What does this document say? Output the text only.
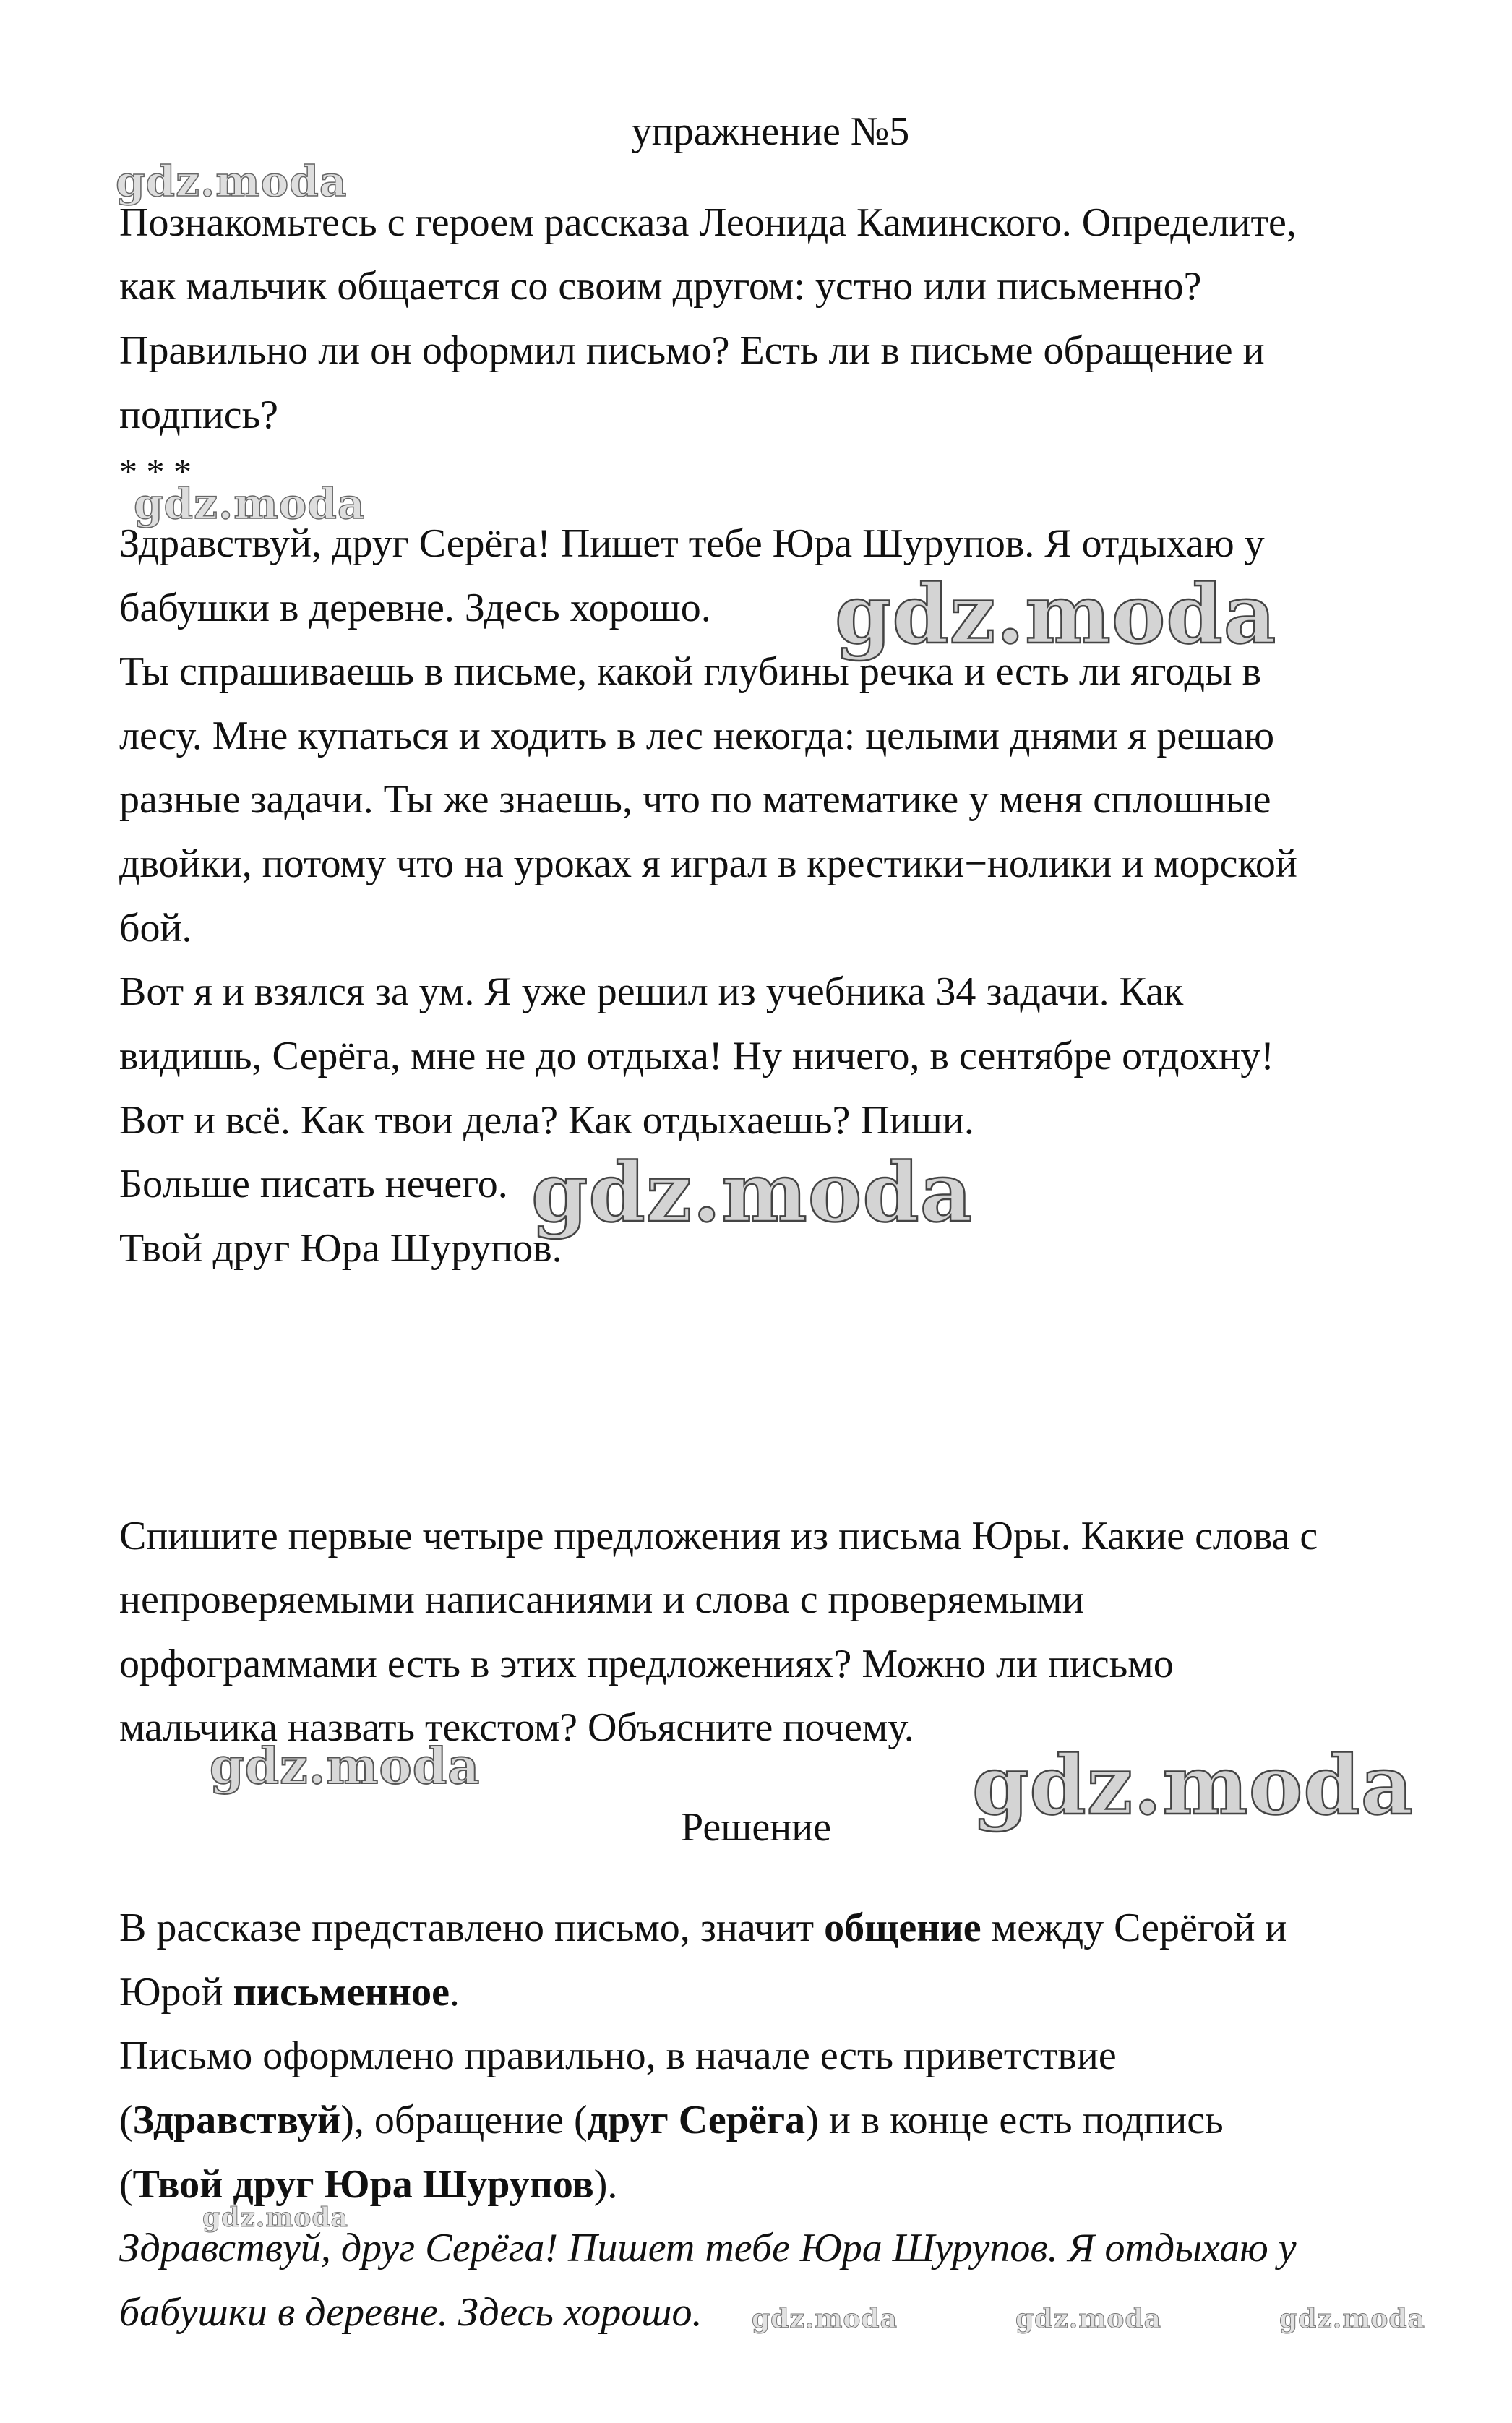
упражнение №5
Познакомьтесь с героем рассказа Леонида Каминского. Определите,
как мальчик общается со своим другом: устно или письменно?
Правильно ли он оформил письмо? Есть ли в письме обращение и
подпись?
* * *
Здравствуй, друг Серёга! Пишет тебе Юра Шурупов. Я отдыхаю у
бабушки в деревне. Здесь хорошо.
Ты спрашиваешь в письме, какой глубины речка и есть ли ягоды в
лесу. Мне купаться и ходить в лес некогда: целыми днями я решаю
разные задачи. Ты же знаешь, что по математике у меня сплошные
двойки, потому что на уроках я играл в крестики−нолики и морской
бой.
Вот я и взялся за ум. Я уже решил из учебника 34 задачи. Как
видишь, Серёга, мне не до отдыха! Ну ничего, в сентябре отдохну!
Вот и всё. Как твои дела? Как отдыхаешь? Пиши.
Больше писать нечего.
Твой друг Юра Шурупов.
Спишите первые четыре предложения из письма Юры. Какие слова с
непроверяемыми написаниями и слова с проверяемыми
орфограммами есть в этих предложениях? Можно ли письмо
мальчика назвать текстом? Объясните почему.
Решение
В рассказе представлено письмо, значит общение между Серёгой и
Юрой письменное.
Письмо оформлено правильно, в начале есть приветствие
(Здравствуй), обращение (друг Серёга) и в конце есть подпись
(Твой друг Юра Шурупов).
Здравствуй, друг Серёга! Пишет тебе Юра Шурупов. Я отдыхаю у
бабушки в деревне. Здесь хорошо.
gdz.moda
gdz.moda
gdz.moda
gdz.moda
gdz.moda	gdz.moda
gdz.moda
gdz.moda	gdz.moda	gdz.moda
